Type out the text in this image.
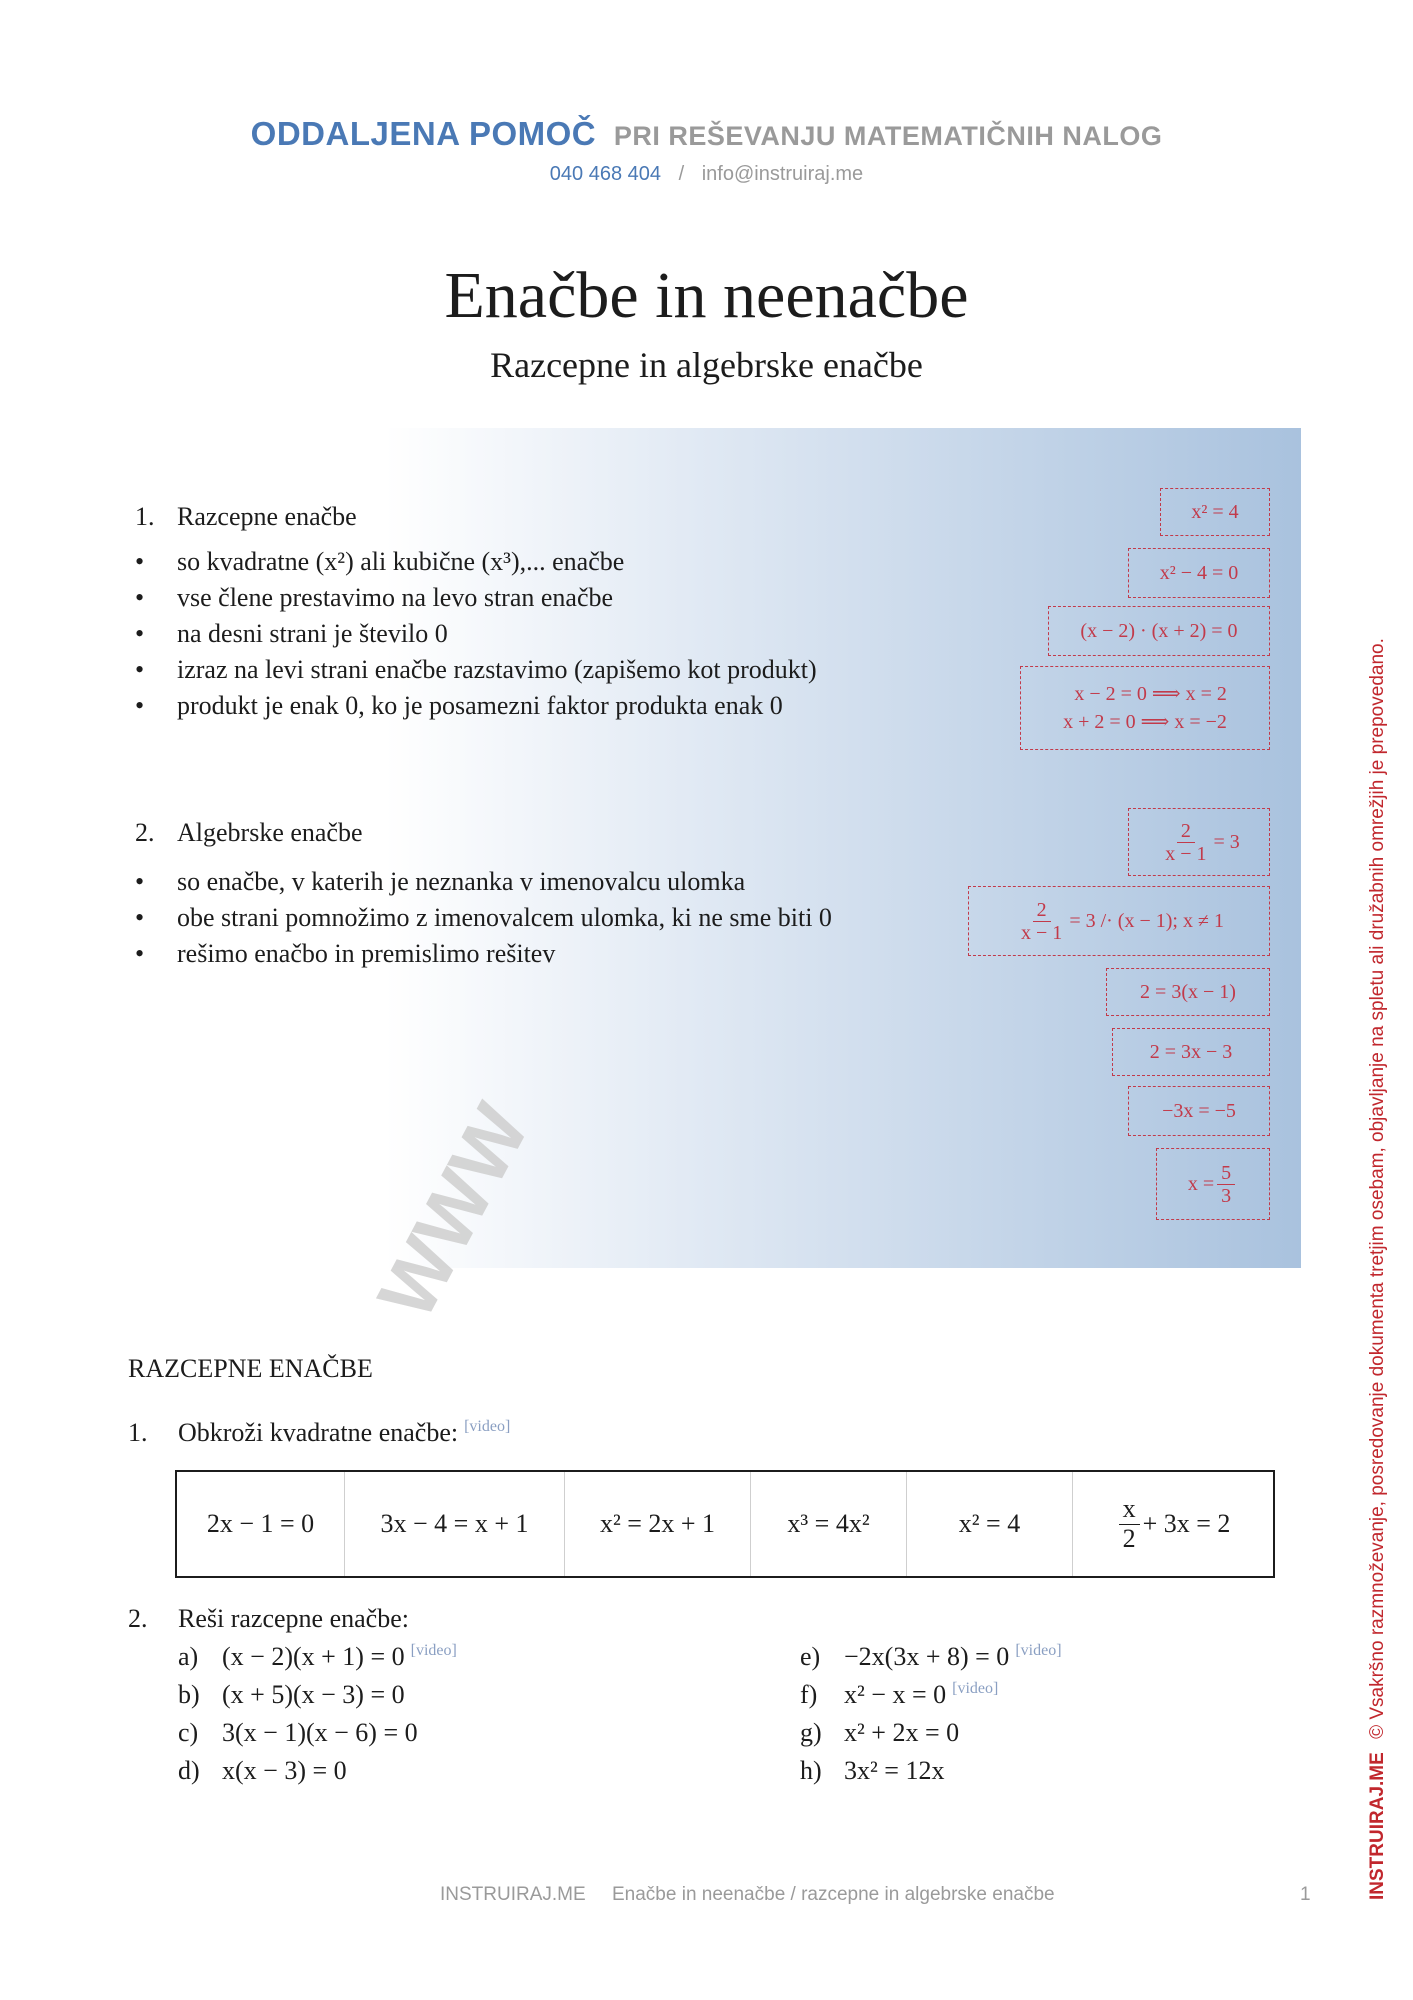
ODDALJENA POMOČ PRI REŠEVANJU MATEMATIČNIH NALOG
040 468 404 / info@instruiraj.me
Enačbe in neenačbe
Razcepne in algebrske enačbe
1. Razcepne enačbe
• so kvadratne (x²) ali kubične (x³),... enačbe
• vse člene prestavimo na levo stran enačbe
• na desni strani je število 0
• izraz na levi strani enačbe razstavimo (zapišemo kot produkt)
• produkt je enak 0, ko je posamezni faktor produkta enak 0
x² = 4
x² − 4 = 0
(x − 2) · (x + 2) = 0
x − 2 = 0 ⟹ x = 2
x + 2 = 0 ⟹ x = −2
2. Algebrske enačbe
• so enačbe, v katerih je neznanka v imenovalcu ulomka
• obe strani pomnožimo z imenovalcem ulomka, ki ne sme biti 0
• rešimo enačbo in premislimo rešitev
$\frac{2}{x - 1} = 3$
$\frac{2}{x - 1} = 3 /\cdot (x - 1)$; x ≠ 1
2 = 3(x − 1)
2 = 3x − 3
−3x = −5
$x = \frac{5}{3}$
WWW
RAZCEPNE ENAČBE
1. Obkroži kvadratne enačbe: [video]
2x − 1 = 0	3x − 4 = x + 1	x² = 2x + 1	x³ = 4x²	x² = 4	$\frac{x}{2} + 3x = 2$
2. Reši razcepne enačbe:
a) (x − 2)(x + 1) = 0 [video]
b) (x + 5)(x − 3) = 0
c) 3(x − 1)(x − 6) = 0
d) x(x − 3) = 0
e) −2x(3x + 8) = 0 [video]
f) x² − x = 0 [video]
g) x² + 2x = 0
h) 3x² = 12x
INSTRUIRAJ.ME Enačbe in neenačbe / razcepne in algebrske enačbe	1	INSTRUIRAJ.ME © Vsakršno razmnoževanje, posredovanje dokumenta tretjim osebam, objavljanje na spletu ali družabnih omrežjih je prepovedano.
